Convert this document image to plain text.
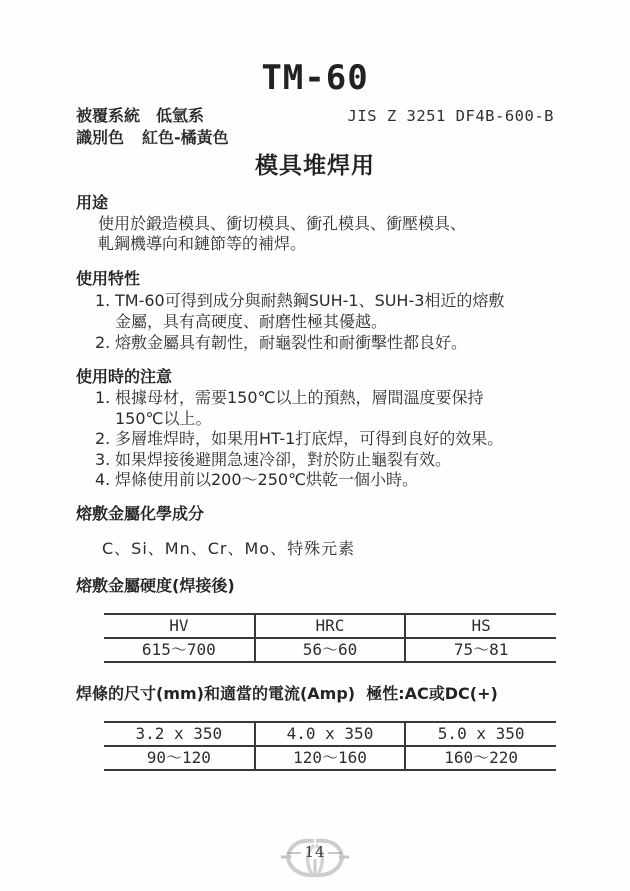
TM-60
被覆系統 低氫系	JIS Z 3251 DF4B-600-B
識別色 紅色-橘黃色
模具堆焊用
用途
使用於鍛造模具、衝切模具、衝孔模具、衝壓模具、
軋鋼機導向和鏈節等的補焊。
使用特性
1. TM-60可得到成分與耐熱鋼SUH-1、SUH-3相近的熔敷
金屬，具有高硬度、耐磨性極其優越。
2. 熔敷金屬具有韌性，耐龜裂性和耐衝擊性都良好。
使用時的注意
1. 根據母材，需要150℃以上的預熱，層間溫度要保持
150℃以上。
2. 多層堆焊時，如果用HT-1打底焊，可得到良好的效果。
3. 如果焊接後避開急速冷卻，對於防止龜裂有效。
4. 焊條使用前以200～250℃烘乾一個小時。
熔敷金屬化學成分
C、Si、Mn、Cr、Mo、特殊元素
熔敷金屬硬度(焊接後)
HV	HRC	HS
615～700	56～60	75～81
焊條的尺寸(mm)和適當的電流(Amp)  極性:AC或DC(+)
3.2 x 350	4.0 x 350	5.0 x 350
90～120	120～160	160～220
— 14 —
